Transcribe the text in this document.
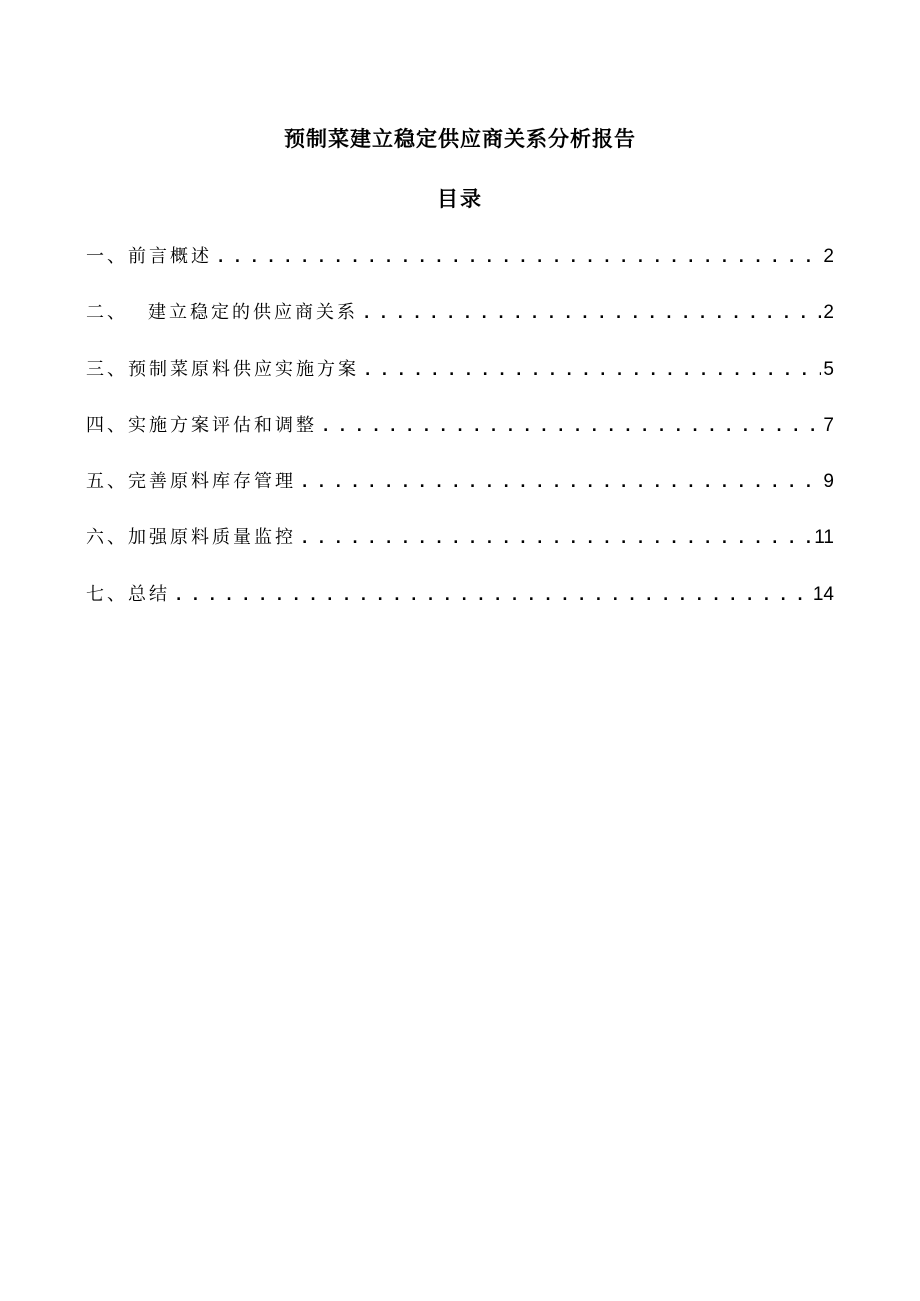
预制菜建立稳定供应商关系分析报告
目录
一、前言概述 . . .	2
二、 建立稳定的供应商关系 . . .	2
三、预制菜原料供应实施方案 . . .	5
四、实施方案评估和调整 . . .	7
五、完善原料库存管理 . . .	9
六、加强原料质量监控 . . .	11
七、总结 . . .	14
